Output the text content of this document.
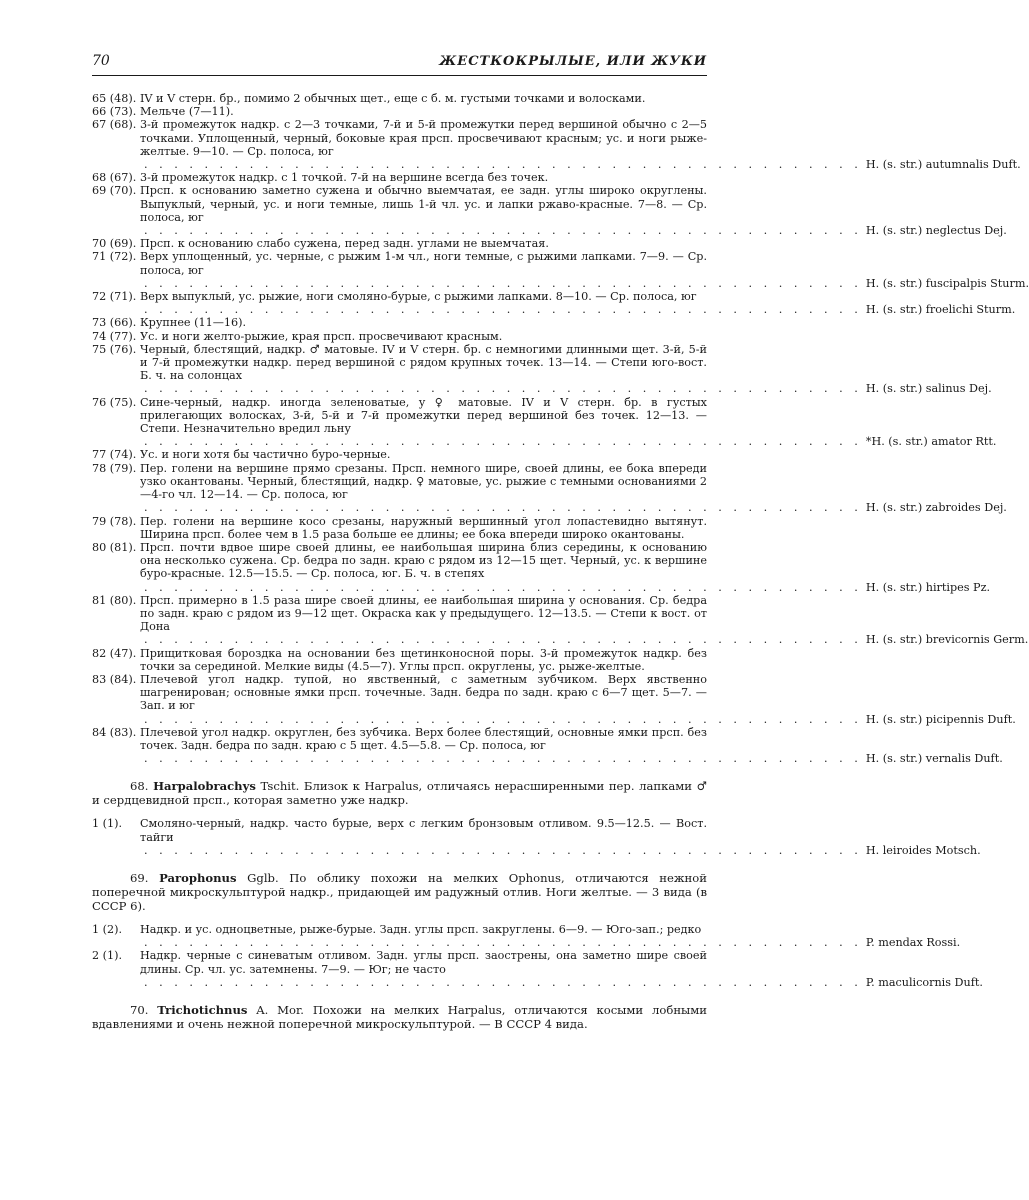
70	ЖЕСТКОКРЫЛЫЕ, ИЛИ ЖУКИ
65 (48). IV и V стерн. бр., помимо 2 обычных щет., еще с б. м. густыми точками и волосками.
66 (73). Мельче (7—11).
67 (68). 3-й промежуток надкр. с 2—3 точками, 7-й и 5-й промежутки перед вершиной обычно с 2—5 точками. Уплощенный, черный, боковые края прсп. просвечивают красным; ус. и ноги рыже-желтые. 9—10. — Ср. полоса, юг
. . . . . . . . . . . . . . . . . . . . . . . . . . . . . . . . . . . . . . . . . . . . . . . . H. (s. str.) autumnalis Duft.
68 (67). 3-й промежуток надкр. с 1 точкой. 7-й на вершине всегда без точек.
69 (70). Прсп. к основанию заметно сужена и обычно выемчатая, ее задн. углы широко округлены. Выпуклый, черный, ус. и ноги темные, лишь 1-й чл. ус. и лапки ржаво-красные. 7—8. — Ср. полоса, юг
. . . . . . . . . . . . . . . . . . . . . . . . . . . . . . . . . . . . . . . . . . . . . . . . H. (s. str.) neglectus Dej.
70 (69). Прсп. к основанию слабо сужена, перед задн. углами не выемчатая.
71 (72). Верх уплощенный, ус. черные, с рыжим 1-м чл., ноги темные, с рыжими лапками. 7—9. — Ср. полоса, юг
. . . . . . . . . . . . . . . . . . . . . . . . . . . . . . . . . . . . . . . . . . . . . . . . H. (s. str.) fuscipalpis Sturm.
72 (71). Верх выпуклый, ус. рыжие, ноги смоляно-бурые, с рыжими лапками. 8—10. — Ср. полоса, юг
. . . . . . . . . . . . . . . . . . . . . . . . . . . . . . . . . . . . . . . . . . . . . . . . H. (s. str.) froelichi Sturm.
73 (66). Крупнее (11—16).
74 (77). Ус. и ноги желто-рыжие, края прсп. просвечивают красным.
75 (76). Черный, блестящий, надкр. ♂ матовые. IV и V стерн. бр. с немногими длинными щет. 3-й, 5-й и 7-й промежутки надкр. перед вершиной с рядом крупных точек. 13—14. — Степи юго-вост. Б. ч. на солонцах
. . . . . . . . . . . . . . . . . . . . . . . . . . . . . . . . . . . . . . . . . . . . . . . . H. (s. str.) salinus Dej.
76 (75). Сине-черный, надкр. иногда зеленоватые, у ♀ матовые. IV и V стерн. бр. в густых прилегающих волосках, 3-й, 5-й и 7-й промежутки перед вершиной без точек. 12—13. — Степи. Незначительно вредил льну
. . . . . . . . . . . . . . . . . . . . . . . . . . . . . . . . . . . . . . . . . . . . . . . . *H. (s. str.) amator Rtt.
77 (74). Ус. и ноги хотя бы частично буро-черные.
78 (79). Пер. голени на вершине прямо срезаны. Прсп. немного шире, своей длины, ее бока впереди узко окантованы. Черный, блестящий, надкр. ♀ матовые, ус. рыжие с темными основаниями 2—4-го чл. 12—14. — Ср. полоса, юг
. . . . . . . . . . . . . . . . . . . . . . . . . . . . . . . . . . . . . . . . . . . . . . . . H. (s. str.) zabroides Dej.
79 (78). Пер. голени на вершине косо срезаны, наружный вершинный угол лопастевидно вытянут. Ширина прсп. более чем в 1.5 раза больше ее длины; ее бока впереди широко окантованы.
80 (81). Прсп. почти вдвое шире своей длины, ее наибольшая ширина близ середины, к основанию она несколько сужена. Ср. бедра по задн. краю с рядом из 12—15 щет. Черный, ус. к вершине буро-красные. 12.5—15.5. — Ср. полоса, юг. Б. ч. в степях
. . . . . . . . . . . . . . . . . . . . . . . . . . . . . . . . . . . . . . . . . . . . . . . . H. (s. str.) hirtipes Pz.
81 (80). Прсп. примерно в 1.5 раза шире своей длины, ее наибольшая ширина у основания. Ср. бедра по задн. краю с рядом из 9—12 щет. Окраска как у предыдущего. 12—13.5. — Степи к вост. от Дона
. . . . . . . . . . . . . . . . . . . . . . . . . . . . . . . . . . . . . . . . . . . . . . . . H. (s. str.) brevicornis Germ.
82 (47). Прищитковая бороздка на основании без щетинконосной поры. 3-й промежуток надкр. без точки за серединой. Мелкие виды (4.5—7). Углы прсп. округлены, ус. рыже-желтые.
83 (84). Плечевой угол надкр. тупой, но явственный, с заметным зубчиком. Верх явственно шагренирован; основные ямки прсп. точечные. Задн. бедра по задн. краю с 6—7 щет. 5—7. — Зап. и юг
. . . . . . . . . . . . . . . . . . . . . . . . . . . . . . . . . . . . . . . . . . . . . . . . H. (s. str.) picipennis Duft.
84 (83). Плечевой угол надкр. округлен, без зубчика. Верх более блестящий, основные ямки прсп. без точек. Задн. бедра по задн. краю с 5 щет. 4.5—5.8. — Ср. полоса, юг
. . . . . . . . . . . . . . . . . . . . . . . . . . . . . . . . . . . . . . . . . . . . . . . . H. (s. str.) vernalis Duft.

68. Harpalobrachys Tschit. Близок к Harpalus, отличаясь нерасширенными пер. лапками ♂ и сердцевидной прсп., которая заметно уже надкр.

1 (1). Смоляно-черный, надкр. часто бурые, верх с легким бронзовым отливом. 9.5—12.5. — Вост. тайги
. . . . . . . . . . . . . . . . . . . . . . . . . . . . . . . . . . . . . . . . . . . . . . . . H. leiroides Motsch.

69. Parophonus Gglb. По облику похожи на мелких Ophonus, отличаются нежной поперечной микроскульптурой надкр., придающей им радужный отлив. Ноги желтые. — 3 вида (в СССР 6).

1 (2). Надкр. и ус. одноцветные, рыже-бурые. Задн. углы прсп. закруглены. 6—9. — Юго-зап.; редко
. . . . . . . . . . . . . . . . . . . . . . . . . . . . . . . . . . . . . . . . . . . . . . . . P. mendax Rossi.
2 (1). Надкр. черные с синеватым отливом. Задн. углы прсп. заострены, она заметно шире своей длины. Ср. чл. ус. затемнены. 7—9. — Юг; не часто
. . . . . . . . . . . . . . . . . . . . . . . . . . . . . . . . . . . . . . . . . . . . . . . . P. maculicornis Duft.

70. Trichotichnus A. Mor. Похожи на мелких Harpalus, отличаются косыми лобными вдавлениями и очень нежной поперечной микроскульптурой. — В СССР 4 вида.
